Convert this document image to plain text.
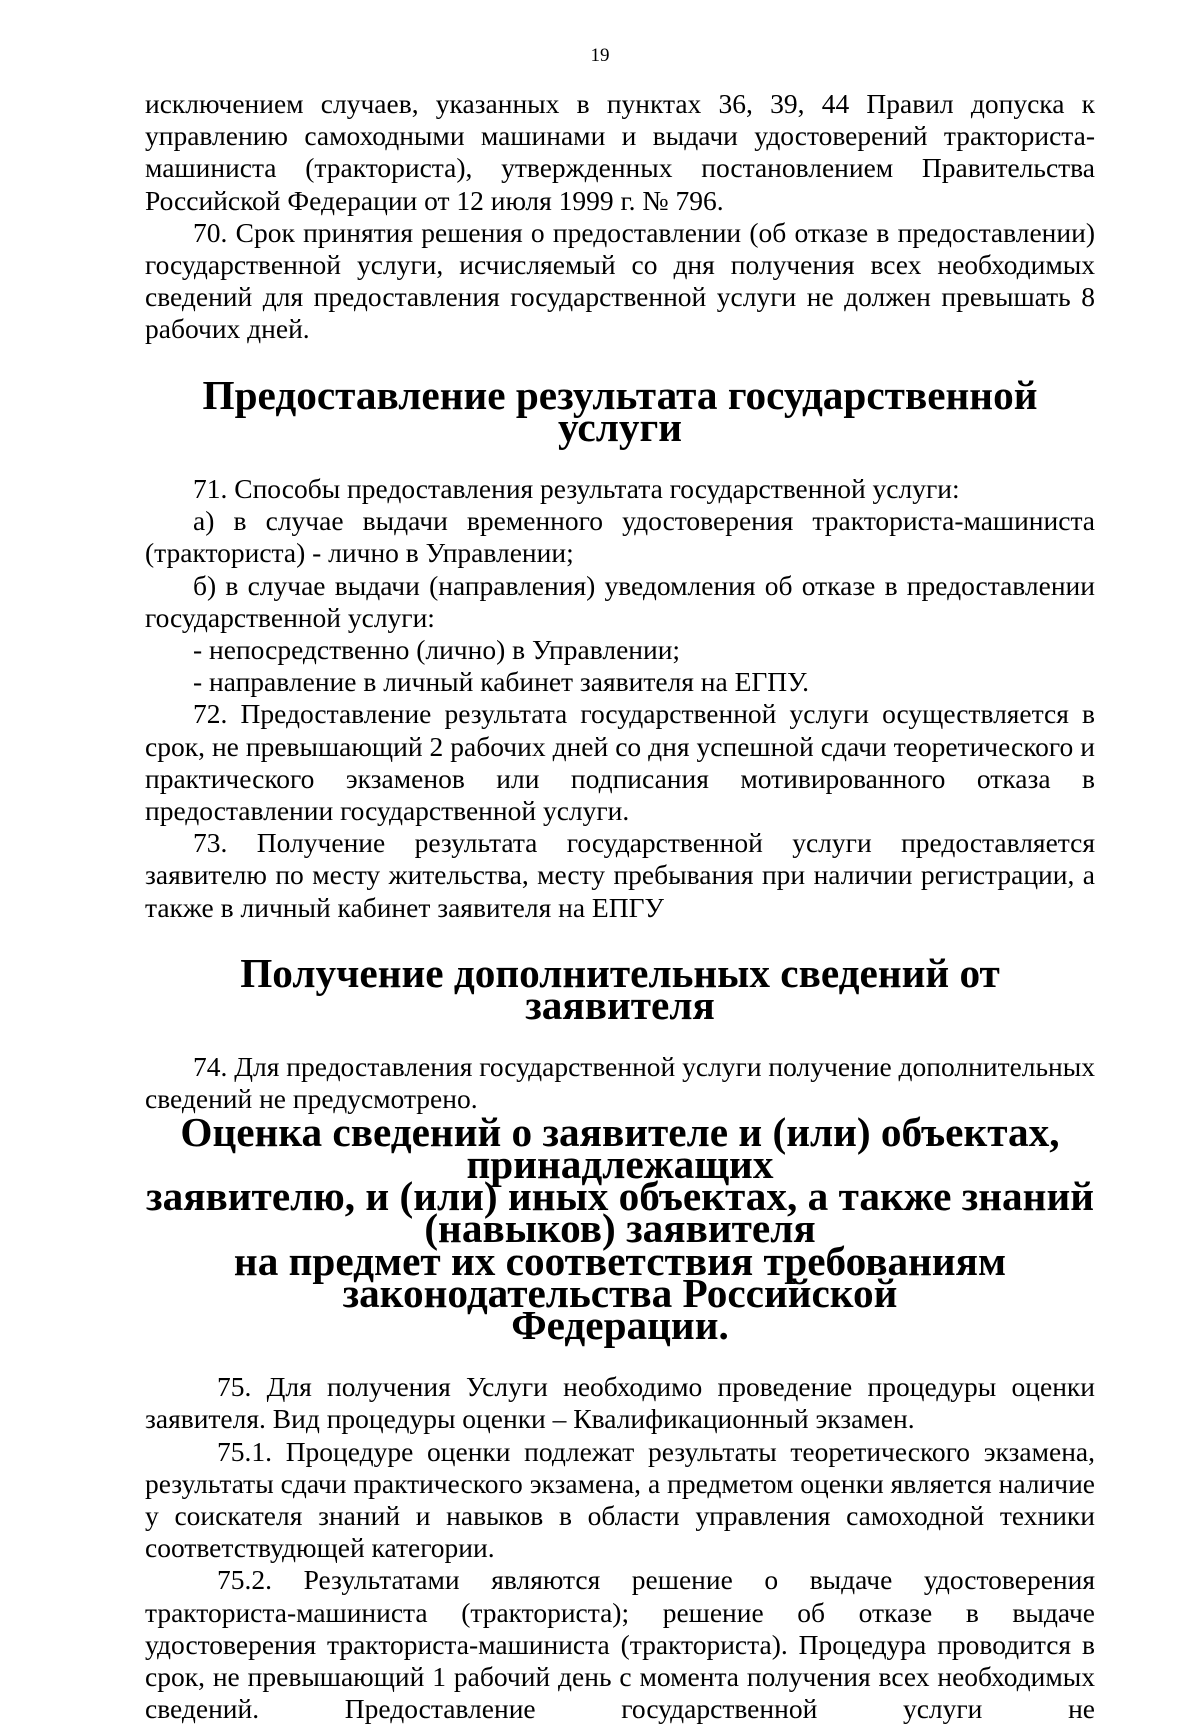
19

исключением случаев, указанных в пунктах 36, 39, 44 Правил допуска к управлению самоходными машинами и выдачи удостоверений тракториста-машиниста (тракториста), утвержденных постановлением Правительства Российской Федерации от 12 июля 1999 г. № 796.

70. Срок принятия решения о предоставлении (об отказе в предоставлении) государственной услуги, исчисляемый со дня получения всех необходимых сведений для предоставления государственной услуги не должен превышать 8 рабочих дней.

Предоставление результата государственной услуги

71. Способы предоставления результата государственной услуги:

а) в случае выдачи временного удостоверения тракториста-машиниста (тракториста) - лично в Управлении;

б) в случае выдачи (направления) уведомления об отказе в предоставлении государственной услуги:

- непосредственно (лично) в Управлении;

- направление в личный кабинет заявителя на ЕГПУ.

72. Предоставление результата государственной услуги осуществляется в срок, не превышающий 2 рабочих дней со дня успешной сдачи теоретического и практического экзаменов или подписания мотивированного отказа в предоставлении государственной услуги.

73. Получение результата государственной услуги предоставляется заявителю по месту жительства, месту пребывания при наличии регистрации, а также в личный кабинет заявителя на ЕПГУ

Получение дополнительных сведений от заявителя

74. Для предоставления государственной услуги получение дополнительных сведений не предусмотрено.

Оценка сведений о заявителе и (или) объектах, принадлежащих
заявителю, и (или) иных объектах, а также знаний (навыков) заявителя
на предмет их соответствия требованиям законодательства Российской
Федерации.

75. Для получения Услуги необходимо проведение процедуры оценки заявителя. Вид процедуры оценки – Квалификационный экзамен.

75.1. Процедуре оценки подлежат результаты теоретического экзамена, результаты сдачи практического экзамена, а предметом оценки является наличие у соискателя знаний и навыков в области управления самоходной техники соответствудющей категории.

75.2. Результатами являются решение о выдаче удостоверения тракториста-машиниста (тракториста); решение об отказе в выдаче удостоверения тракториста-машиниста (тракториста). Процедура проводится в срок, не превышающий 1 рабочий день с момента получения всех необходимых сведений. Предоставление государственной услуги не
